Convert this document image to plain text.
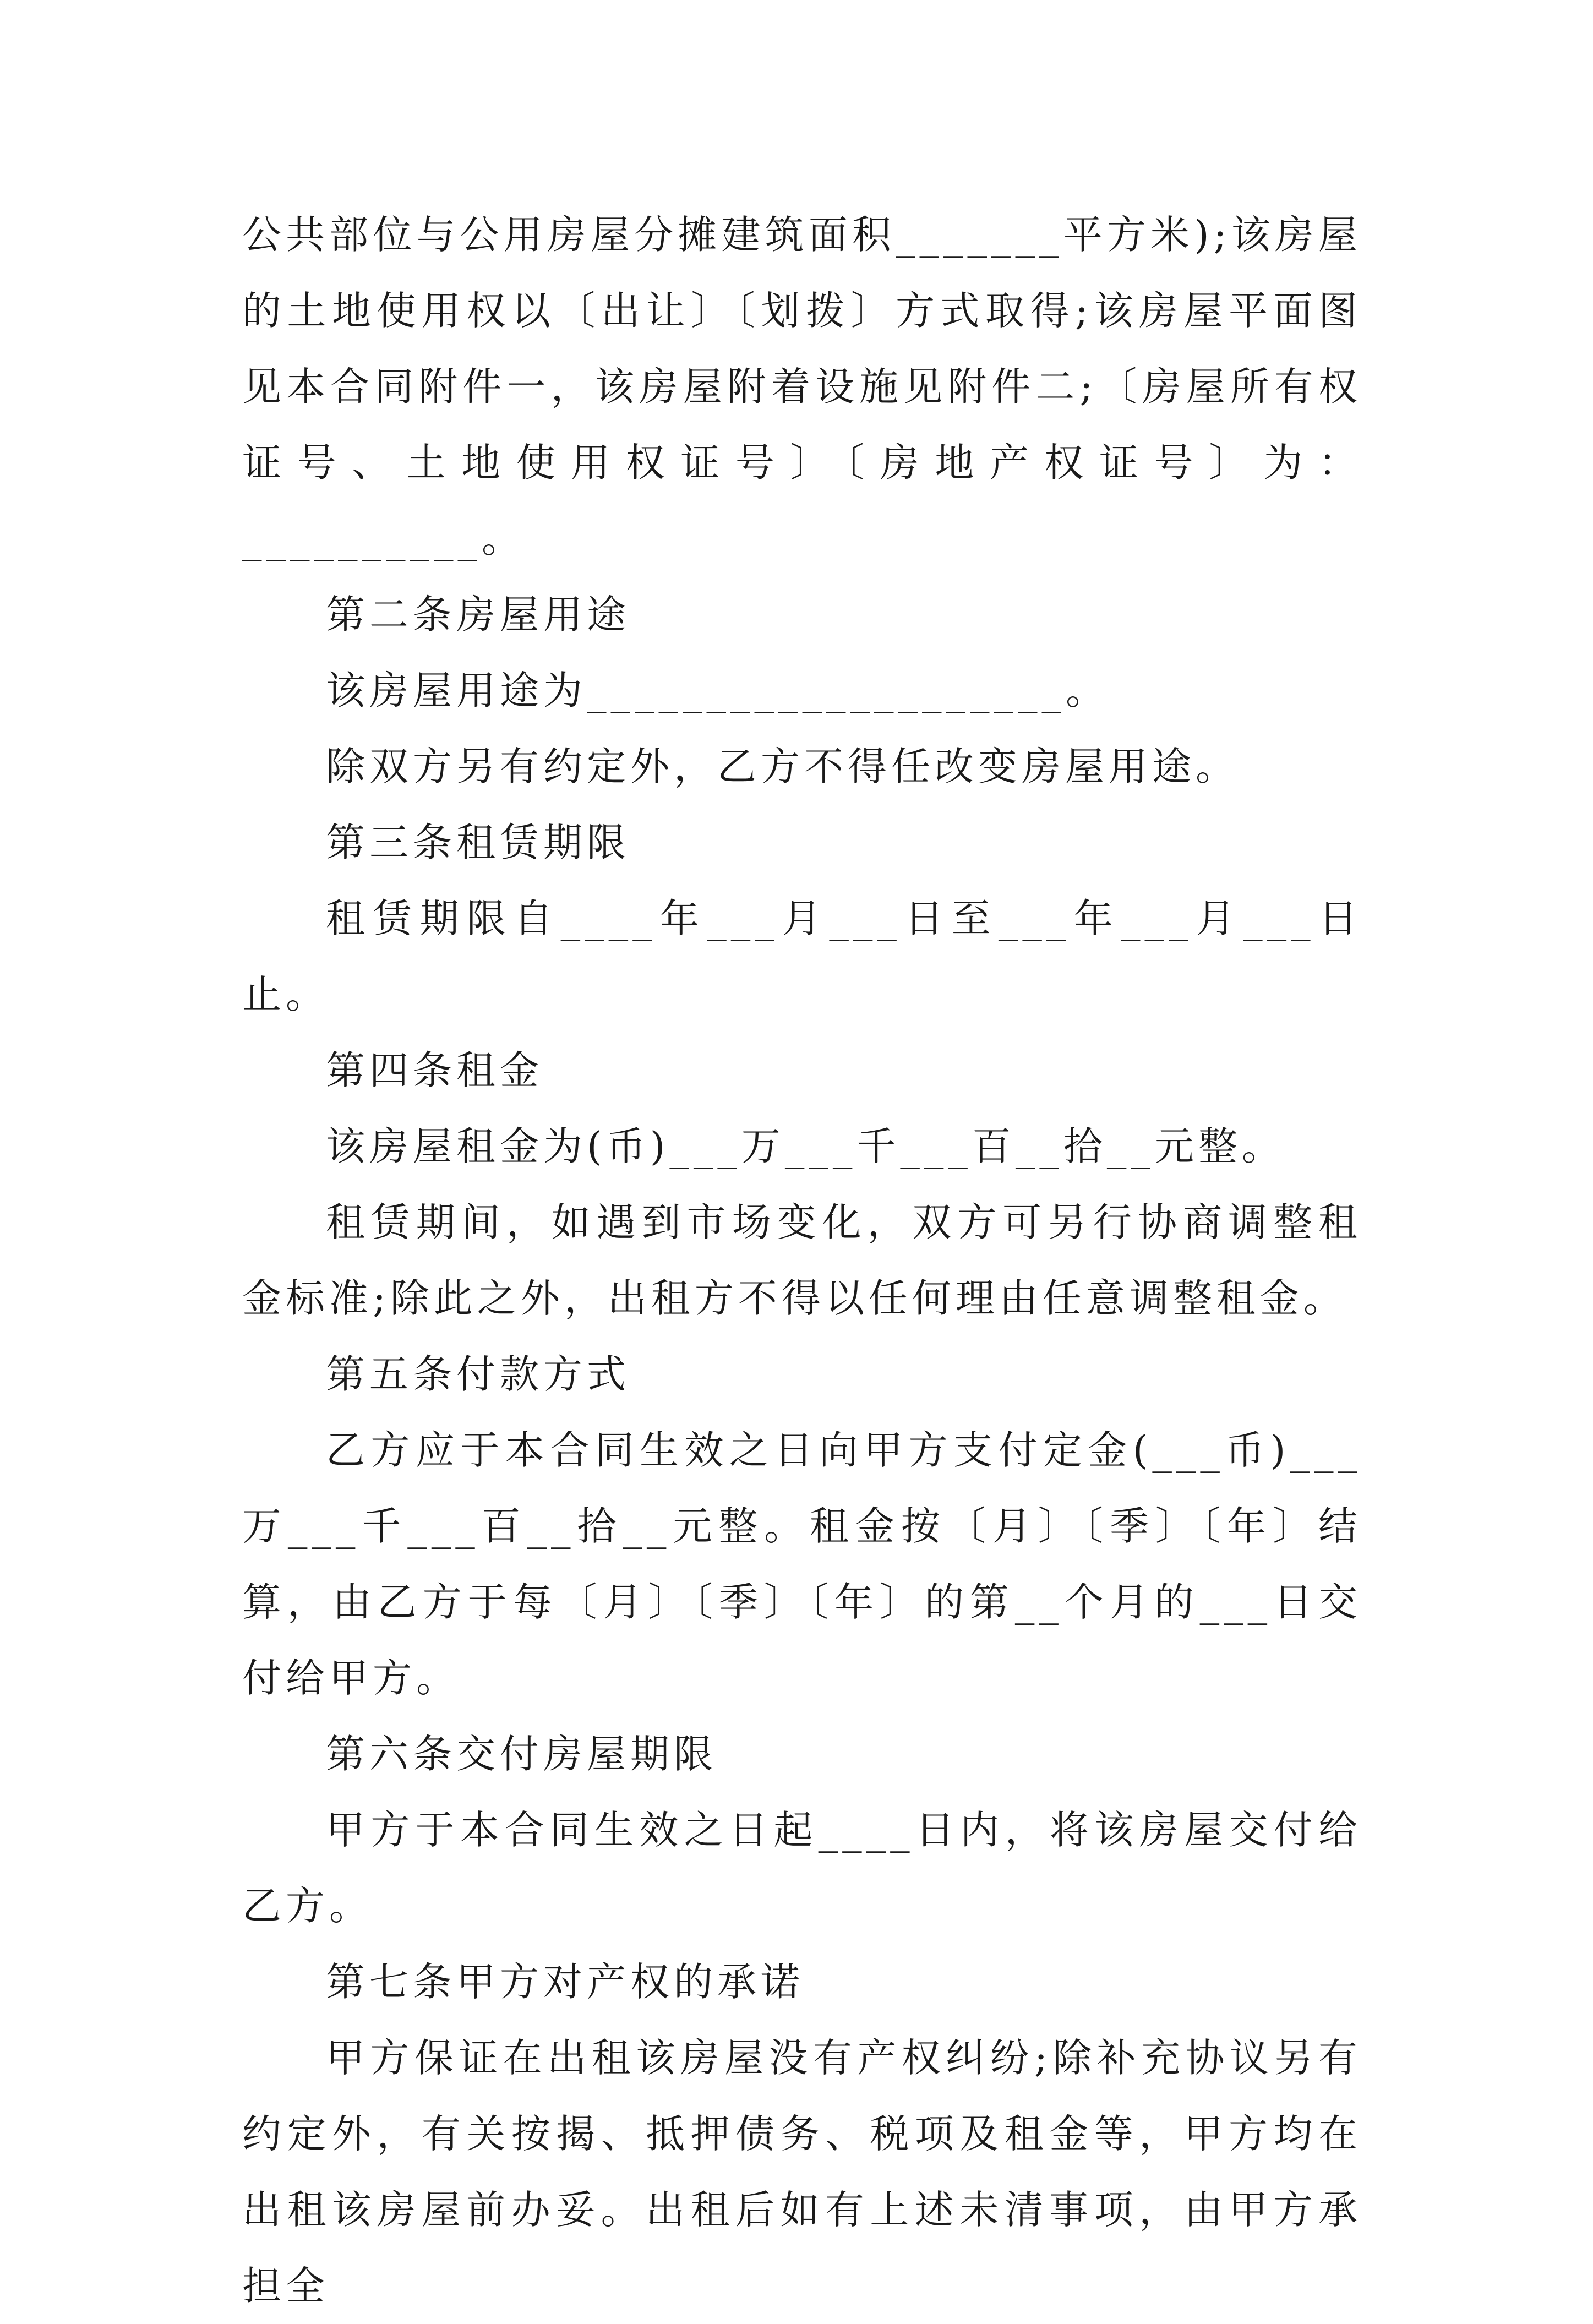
公共部位与公用房屋分摊建筑面积_______平方米);该房屋的土地使用权以〔出让〕〔划拨〕方式取得;该房屋平面图见本合同附件一，该房屋附着设施见附件二;〔房屋所有权证号、土地使用权证号〕〔房地产权证号〕为：__________。

第二条房屋用途

该房屋用途为____________________。

除双方另有约定外，乙方不得任改变房屋用途。

第三条租赁期限

租赁期限自____年___月___日至___年___月___日止。

第四条租金

该房屋租金为(币)___万___千___百__拾__元整。

租赁期间，如遇到市场变化，双方可另行协商调整租金标准;除此之外，出租方不得以任何理由任意调整租金。

第五条付款方式

乙方应于本合同生效之日向甲方支付定金(___币)___万___千___百__拾__元整。租金按〔月〕〔季〕〔年〕结算，由乙方于每〔月〕〔季〕〔年〕的第__个月的___日交付给甲方。

第六条交付房屋期限

甲方于本合同生效之日起____日内，将该房屋交付给乙方。

第七条甲方对产权的承诺

甲方保证在出租该房屋没有产权纠纷;除补充协议另有约定外，有关按揭、抵押债务、税项及租金等，甲方均在出租该房屋前办妥。出租后如有上述未清事项，由甲方承担全
